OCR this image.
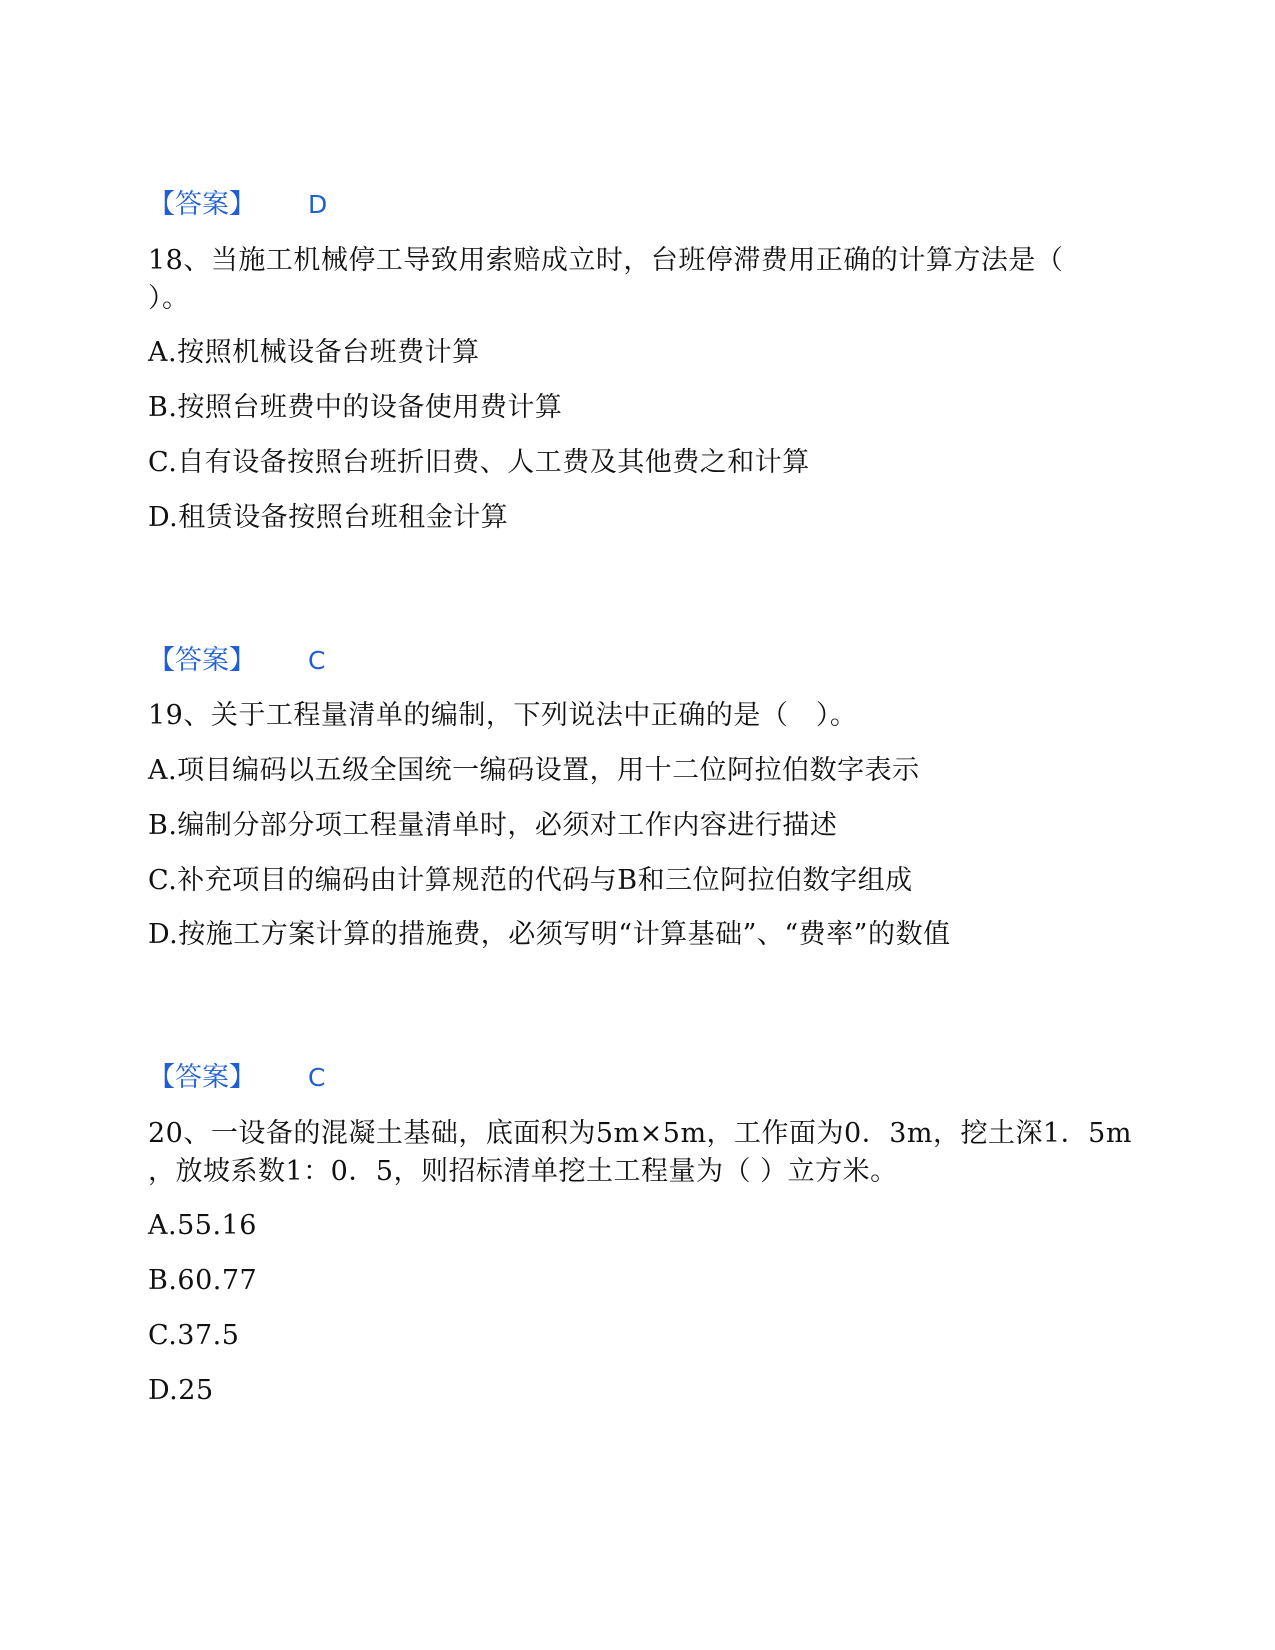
【答案】 D
18、当施工机械停工导致用索赔成立时，台班停滞费用正确的计算方法是（
）。
A.按照机械设备台班费计算
B.按照台班费中的设备使用费计算
C.自有设备按照台班折旧费、人工费及其他费之和计算
D.租赁设备按照台班租金计算
【答案】 C
19、关于工程量清单的编制，下列说法中正确的是（　）。
A.项目编码以五级全国统一编码设置，用十二位阿拉伯数字表示
B.编制分部分项工程量清单时，必须对工作内容进行描述
C.补充项目的编码由计算规范的代码与B和三位阿拉伯数字组成
D.按施工方案计算的措施费，必须写明“计算基础”、“费率”的数值
【答案】 C
20、一设备的混凝土基础，底面积为5m×5m，工作面为0．3m，挖土深1．5m
，放坡系数1：0．5，则招标清单挖土工程量为（ ）立方米。
A.55.16
B.60.77
C.37.5
D.25
